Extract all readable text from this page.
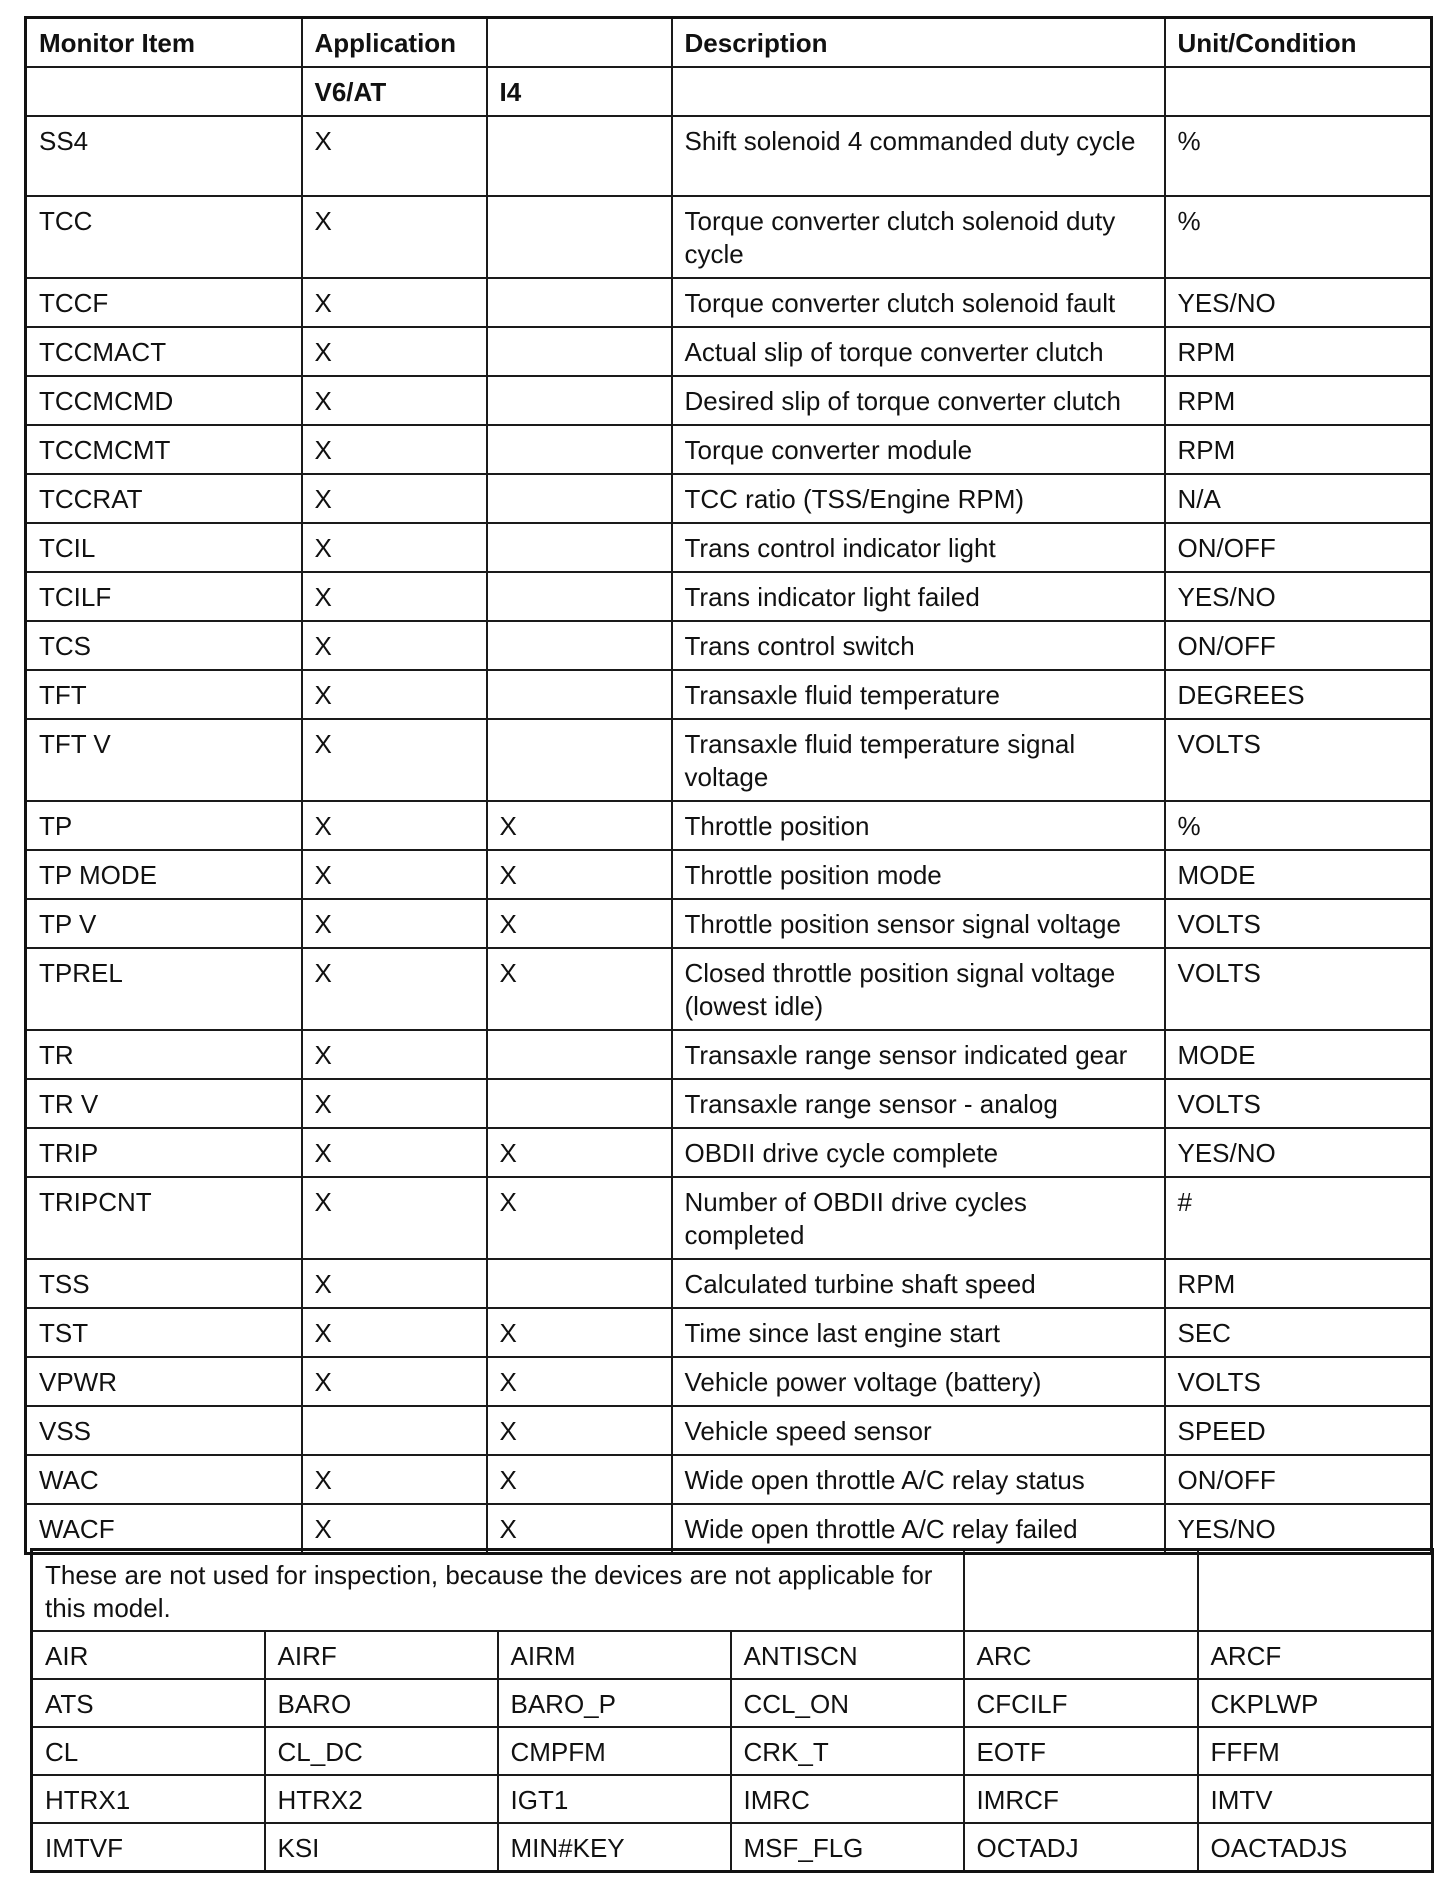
Monitor Item	Application		Description	Unit/Condition
	V6/AT	I4		
SS4	X		Shift solenoid 4 commanded duty cycle	%
TCC	X		Torque converter clutch solenoid duty cycle	%
TCCF	X		Torque converter clutch solenoid fault	YES/NO
TCCMACT	X		Actual slip of torque converter clutch	RPM
TCCMCMD	X		Desired slip of torque converter clutch	RPM
TCCMCMT	X		Torque converter module	RPM
TCCRAT	X		TCC ratio (TSS/Engine RPM)	N/A
TCIL	X		Trans control indicator light	ON/OFF
TCILF	X		Trans indicator light failed	YES/NO
TCS	X		Trans control switch	ON/OFF
TFT	X		Transaxle fluid temperature	DEGREES
TFT V	X		Transaxle fluid temperature signal voltage	VOLTS
TP	X	X	Throttle position	%
TP MODE	X	X	Throttle position mode	MODE
TP V	X	X	Throttle position sensor signal voltage	VOLTS
TPREL	X	X	Closed throttle position signal voltage (lowest idle)	VOLTS
TR	X		Transaxle range sensor indicated gear	MODE
TR V	X		Transaxle range sensor - analog	VOLTS
TRIP	X	X	OBDII drive cycle complete	YES/NO
TRIPCNT	X	X	Number of OBDII drive cycles completed	#
TSS	X		Calculated turbine shaft speed	RPM
TST	X	X	Time since last engine start	SEC
VPWR	X	X	Vehicle power voltage (battery)	VOLTS
VSS		X	Vehicle speed sensor	SPEED
WAC	X	X	Wide open throttle A/C relay status	ON/OFF
WACF	X	X	Wide open throttle A/C relay failed	YES/NO
These are not used for inspection, because the devices are not applicable for this model.					
AIR	AIRF	AIRM	ANTISCN	ARC	ARCF
ATS	BARO	BARO_P	CCL_ON	CFCILF	CKPLWP
CL	CL_DC	CMPFM	CRK_T	EOTF	FFFM
HTRX1	HTRX2	IGT1	IMRC	IMRCF	IMTV
IMTVF	KSI	MIN#KEY	MSF_FLG	OCTADJ	OACTADJS
